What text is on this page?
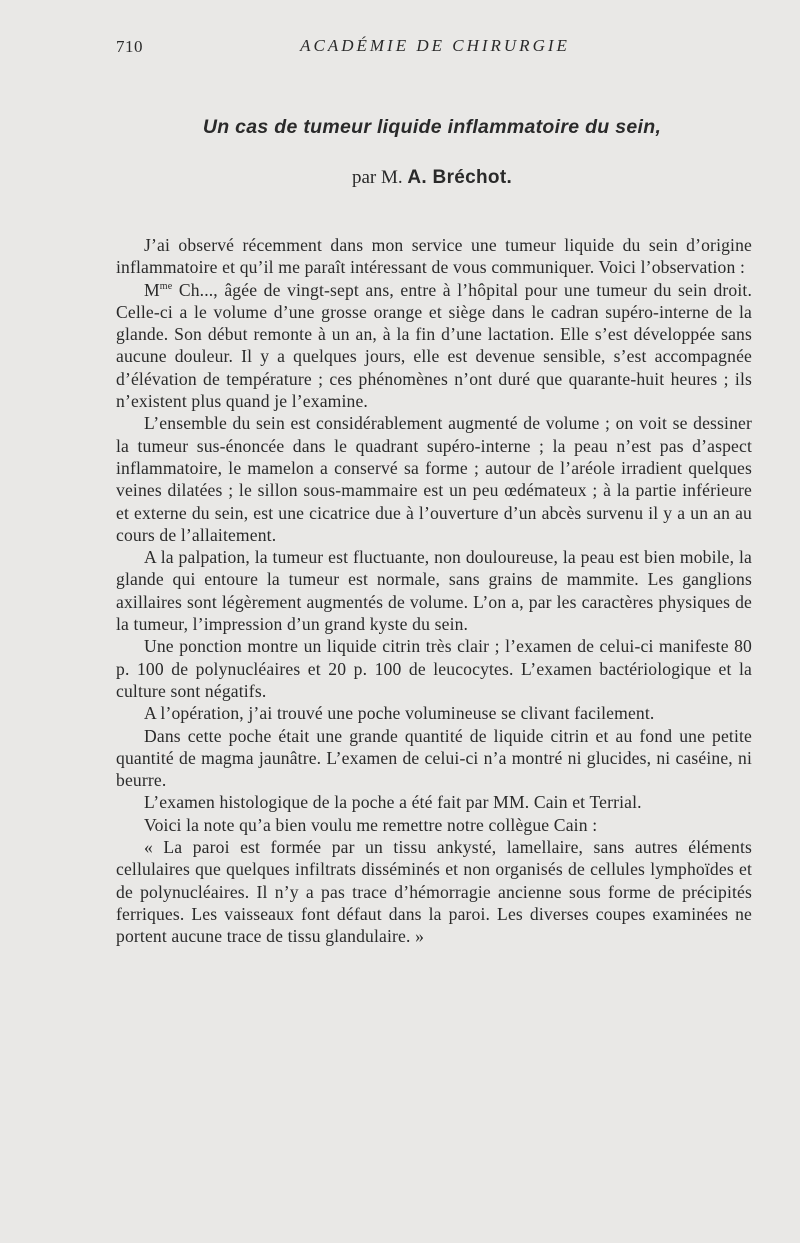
710	ACADÉMIE DE CHIRURGIE
Un cas de tumeur liquide inflammatoire du sein,
par M. A. Bréchot.

J’ai observé récemment dans mon service une tumeur liquide du sein d’origine inflammatoire et qu’il me paraît intéressant de vous communiquer. Voici l’observation :

$M^{me}$ Ch..., âgée de vingt-sept ans, entre à l’hôpital pour une tumeur du sein droit. Celle-ci a le volume d’une grosse orange et siège dans le cadran supéro-interne de la glande. Son début remonte à un an, à la fin d’une lactation. Elle s’est développée sans aucune douleur. Il y a quelques jours, elle est devenue sensible, s’est accompagnée d’élévation de température ; ces phénomènes n’ont duré que quarante-huit heures ; ils n’existent plus quand je l’examine.

L’ensemble du sein est considérablement augmenté de volume ; on voit se dessiner la tumeur sus-énoncée dans le quadrant supéro-interne ; la peau n’est pas d’aspect inflammatoire, le mamelon a conservé sa forme ; autour de l’aréole irradient quelques veines dilatées ; le sillon sous-mammaire est un peu œdémateux ; à la partie inférieure et externe du sein, est une cicatrice due à l’ouverture d’un abcès survenu il y a un an au cours de l’allaitement.

A la palpation, la tumeur est fluctuante, non douloureuse, la peau est bien mobile, la glande qui entoure la tumeur est normale, sans grains de mammite. Les ganglions axillaires sont légèrement augmentés de volume. L’on a, par les caractères physiques de la tumeur, l’impression d’un grand kyste du sein.

Une ponction montre un liquide citrin très clair ; l’examen de celui-ci manifeste 80 p. 100 de polynucléaires et 20 p. 100 de leucocytes. L’examen bactériologique et la culture sont négatifs.

A l’opération, j’ai trouvé une poche volumineuse se clivant facilement.

Dans cette poche était une grande quantité de liquide citrin et au fond une petite quantité de magma jaunâtre. L’examen de celui-ci n’a montré ni glucides, ni caséine, ni beurre.

L’examen histologique de la poche a été fait par MM. Cain et Terrial.

Voici la note qu’a bien voulu me remettre notre collègue Cain :

« La paroi est formée par un tissu ankysté, lamellaire, sans autres éléments cellulaires que quelques infiltrats disséminés et non organisés de cellules lymphoïdes et de polynucléaires. Il n’y a pas trace d’hémorragie ancienne sous forme de précipités ferriques. Les vaisseaux font défaut dans la paroi. Les diverses coupes examinées ne portent aucune trace de tissu glandulaire. »
